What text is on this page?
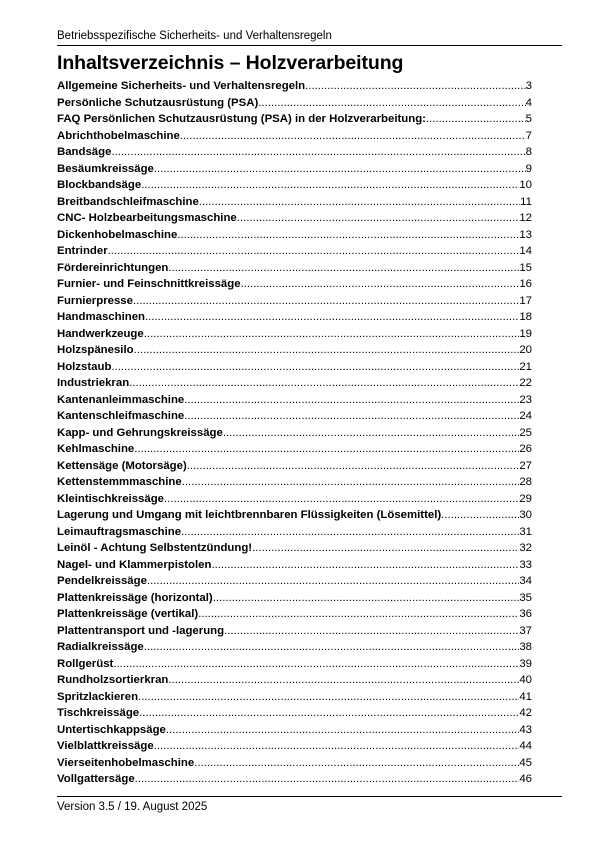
Betriebsspezifische Sicherheits- und Verhaltensregeln
Inhaltsverzeichnis – Holzverarbeitung
Allgemeine Sicherheits- und Verhaltensregeln .....	3
Persönliche Schutzausrüstung (PSA) .....	4
FAQ Persönlichen Schutzausrüstung (PSA) in der Holzverarbeitung: .....	5
Abrichthobelmaschine .....	7
Bandsäge .....	8
Besäumkreissäge .....	9
Blockbandsäge .....	10
Breitbandschleifmaschine .....	11
CNC- Holzbearbeitungsmaschine .....	12
Dickenhobelmaschine .....	13
Entrinder .....	14
Fördereinrichtungen .....	15
Furnier- und Feinschnittkreissäge .....	16
Furnierpresse .....	17
Handmaschinen .....	18
Handwerkzeuge .....	19
Holzspänesilo .....	20
Holzstaub .....	21
Industriekran .....	22
Kantenanleimmaschine .....	23
Kantenschleifmaschine .....	24
Kapp- und Gehrungskreissäge .....	25
Kehlmaschine .....	26
Kettensäge (Motorsäge) .....	27
Kettenstemmmaschine .....	28
Kleintischkreissäge .....	29
Lagerung und Umgang mit leichtbrennbaren Flüssigkeiten (Lösemittel) .....	30
Leimauftragsmaschine .....	31
Leinöl - Achtung Selbstentzündung! .....	32
Nagel- und Klammerpistolen .....	33
Pendelkreissäge .....	34
Plattenkreissäge (horizontal) .....	35
Plattenkreissäge (vertikal) .....	36
Plattentransport und -lagerung .....	37
Radialkreissäge .....	38
Rollgerüst .....	39
Rundholzsortierkran .....	40
Spritzlackieren .....	41
Tischkreissäge .....	42
Untertischkappsäge .....	43
Vielblattkreissäge .....	44
Vierseitenhobelmaschine .....	45
Vollgattersäge .....	46
Version 3.5 / 19. August 2025
